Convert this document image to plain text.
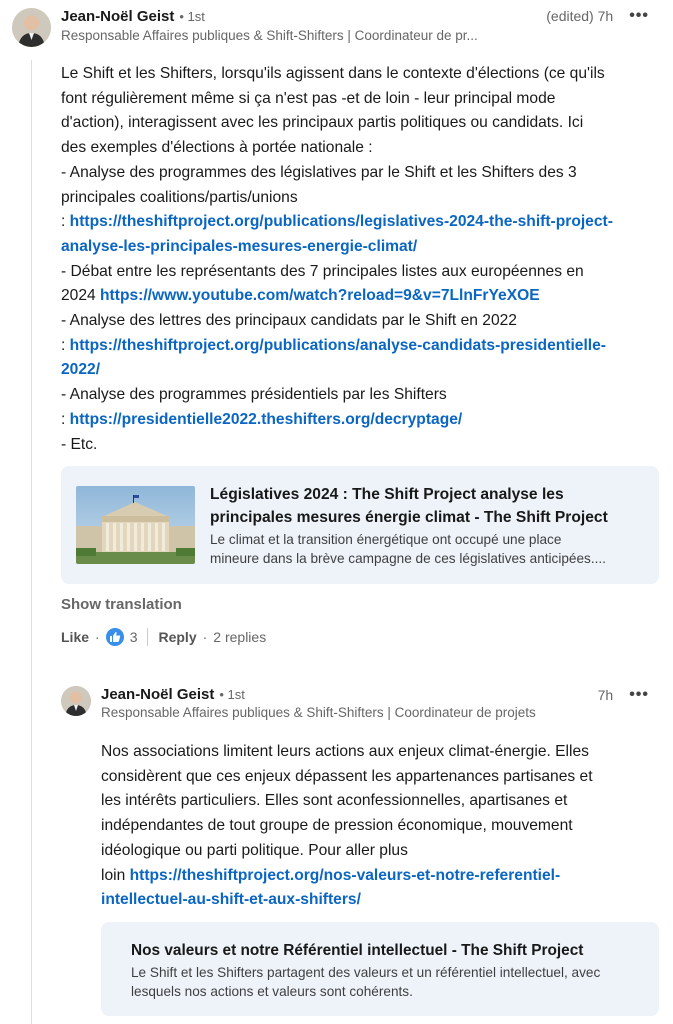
Jean-Noël Geist • 1st
Responsable Affaires publiques & Shift-Shifters | Coordinateur de pr...
(edited) 7h •••
Le Shift et les Shifters, lorsqu'ils agissent dans le contexte d'élections (ce qu'ils
font régulièrement même si ça n'est pas -et de loin - leur principal mode
d'action), interagissent avec les principaux partis politiques ou candidats. Ici
des exemples d'élections à portée nationale :
- Analyse des programmes des législatives par le Shift et les Shifters des 3
principales coalitions/partis/unions
: https://theshiftproject.org/publications/legislatives-2024-the-shift-project-
analyse-les-principales-mesures-energie-climat/
- Débat entre les représentants des 7 principales listes aux européennes en
2024 https://www.youtube.com/watch?reload=9&v=7LlnFrYeXOE
- Analyse des lettres des principaux candidats par le Shift en 2022
: https://theshiftproject.org/publications/analyse-candidats-presidentielle-
2022/
- Analyse des programmes présidentiels par les Shifters
: https://presidentielle2022.theshifters.org/decryptage/
- Etc.
Législatives 2024 : The Shift Project analyse les
principales mesures énergie climat - The Shift Project
Le climat et la transition énergétique ont occupé une place
mineure dans la brève campagne de ces législatives anticipées....
Show translation
Like · 3 Reply · 2 replies
Jean-Noël Geist • 1st
Responsable Affaires publiques & Shift-Shifters | Coordinateur de projets
7h •••
Nos associations limitent leurs actions aux enjeux climat-énergie. Elles
considèrent que ces enjeux dépassent les appartenances partisanes et
les intérêts particuliers. Elles sont aconfessionnelles, apartisanes et
indépendantes de tout groupe de pression économique, mouvement
idéologique ou parti politique. Pour aller plus
loin https://theshiftproject.org/nos-valeurs-et-notre-referentiel-
intellectuel-au-shift-et-aux-shifters/
Nos valeurs et notre Référentiel intellectuel - The Shift Project
Le Shift et les Shifters partagent des valeurs et un référentiel intellectuel, avec
lesquels nos actions et valeurs sont cohérents.
